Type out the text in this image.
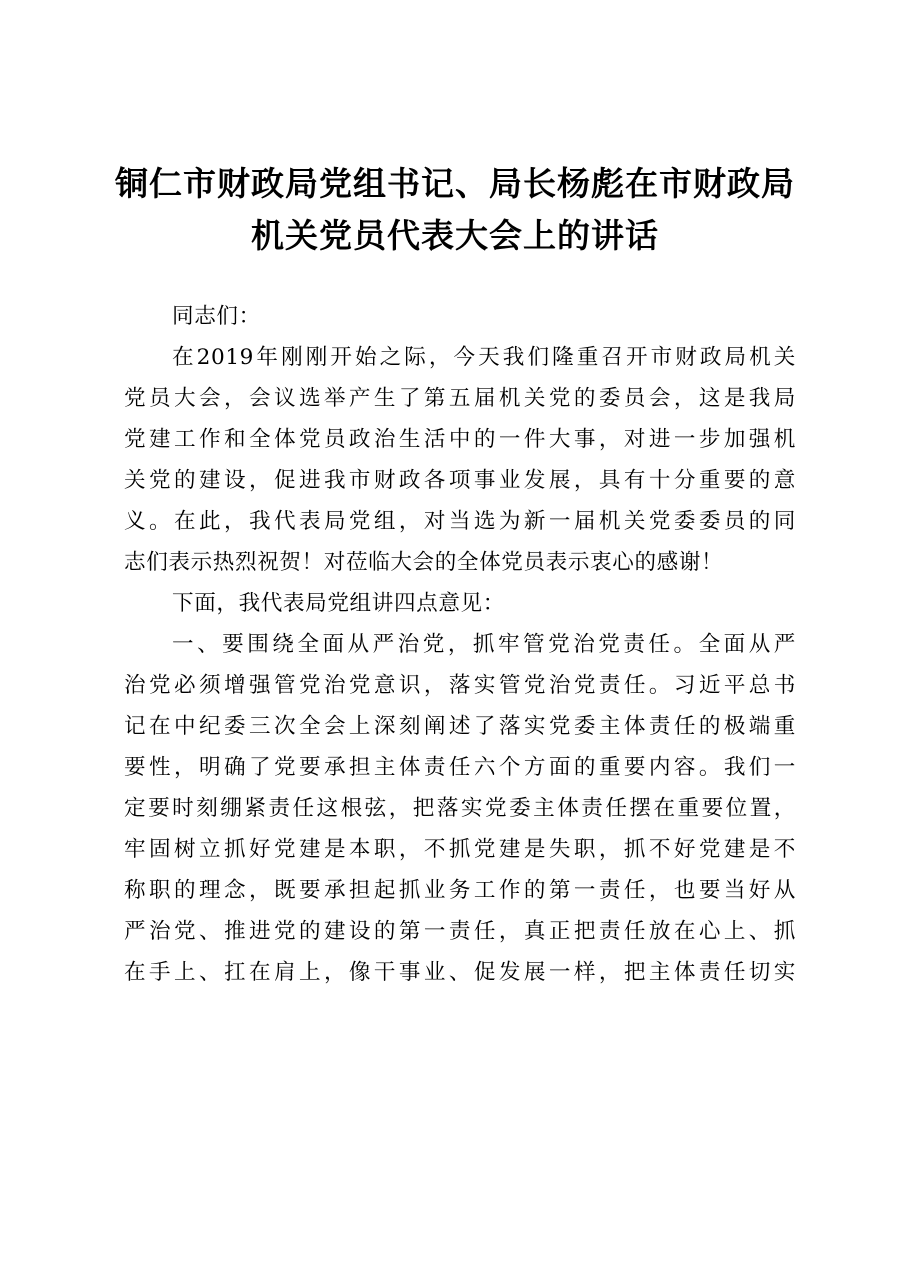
铜仁市财政局党组书记、局长杨彪在市财政局
机关党员代表大会上的讲话
同志们：
在2019年刚刚开始之际，今天我们隆重召开市财政局机关
党员大会，会议选举产生了第五届机关党的委员会，这是我局
党建工作和全体党员政治生活中的一件大事，对进一步加强机
关党的建设，促进我市财政各项事业发展，具有十分重要的意
义。在此，我代表局党组，对当选为新一届机关党委委员的同
志们表示热烈祝贺！对莅临大会的全体党员表示衷心的感谢！
下面，我代表局党组讲四点意见：
一、要围绕全面从严治党，抓牢管党治党责任。全面从严
治党必须增强管党治党意识，落实管党治党责任。习近平总书
记在中纪委三次全会上深刻阐述了落实党委主体责任的极端重
要性，明确了党要承担主体责任六个方面的重要内容。我们一
定要时刻绷紧责任这根弦，把落实党委主体责任摆在重要位置，
牢固树立抓好党建是本职，不抓党建是失职，抓不好党建是不
称职的理念，既要承担起抓业务工作的第一责任，也要当好从
严治党、推进党的建设的第一责任，真正把责任放在心上、抓
在手上、扛在肩上，像干事业、促发展一样，把主体责任切实
